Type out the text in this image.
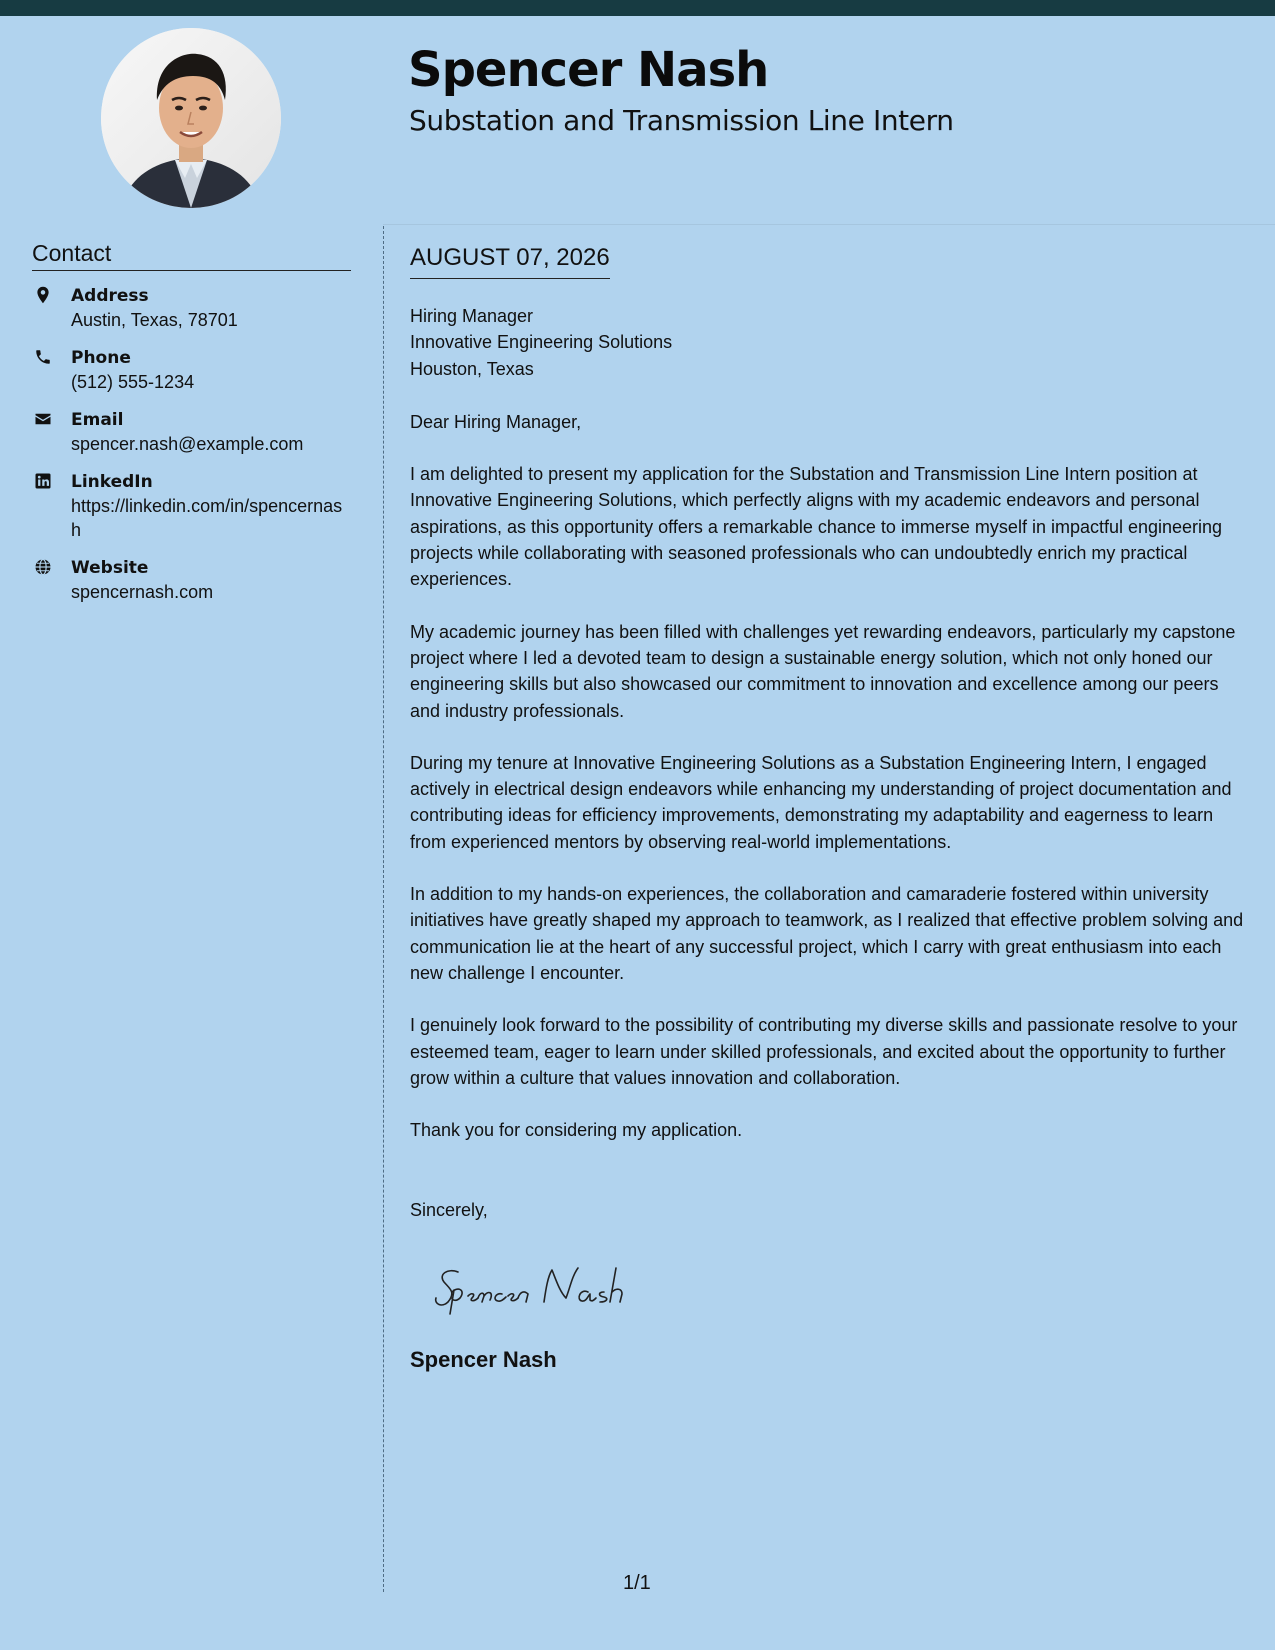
Spencer Nash
Substation and Transmission Line Intern
Contact
Address
Austin, Texas, 78701
Phone
(512) 555-1234
Email
spencer.nash@example.com
LinkedIn
https://linkedin.com/in/spencernash
Website
spencernash.com
AUGUST 07, 2026
Hiring Manager
Innovative Engineering Solutions
Houston, Texas

Dear Hiring Manager,

I am delighted to present my application for the Substation and Transmission Line Intern position at Innovative Engineering Solutions, which perfectly aligns with my academic endeavors and personal aspirations, as this opportunity offers a remarkable chance to immerse myself in impactful engineering projects while collaborating with seasoned professionals who can undoubtedly enrich my practical experiences.

My academic journey has been filled with challenges yet rewarding endeavors, particularly my capstone project where I led a devoted team to design a sustainable energy solution, which not only honed our engineering skills but also showcased our commitment to innovation and excellence among our peers and industry professionals.

During my tenure at Innovative Engineering Solutions as a Substation Engineering Intern, I engaged actively in electrical design endeavors while enhancing my understanding of project documentation and contributing ideas for efficiency improvements, demonstrating my adaptability and eagerness to learn from experienced mentors by observing real-world implementations.

In addition to my hands-on experiences, the collaboration and camaraderie fostered within university initiatives have greatly shaped my approach to teamwork, as I realized that effective problem solving and communication lie at the heart of any successful project, which I carry with great enthusiasm into each new challenge I encounter.

I genuinely look forward to the possibility of contributing my diverse skills and passionate resolve to your esteemed team, eager to learn under skilled professionals, and excited about the opportunity to further grow within a culture that values innovation and collaboration.

Thank you for considering my application.

Sincerely,

Spencer Nash
1/1
